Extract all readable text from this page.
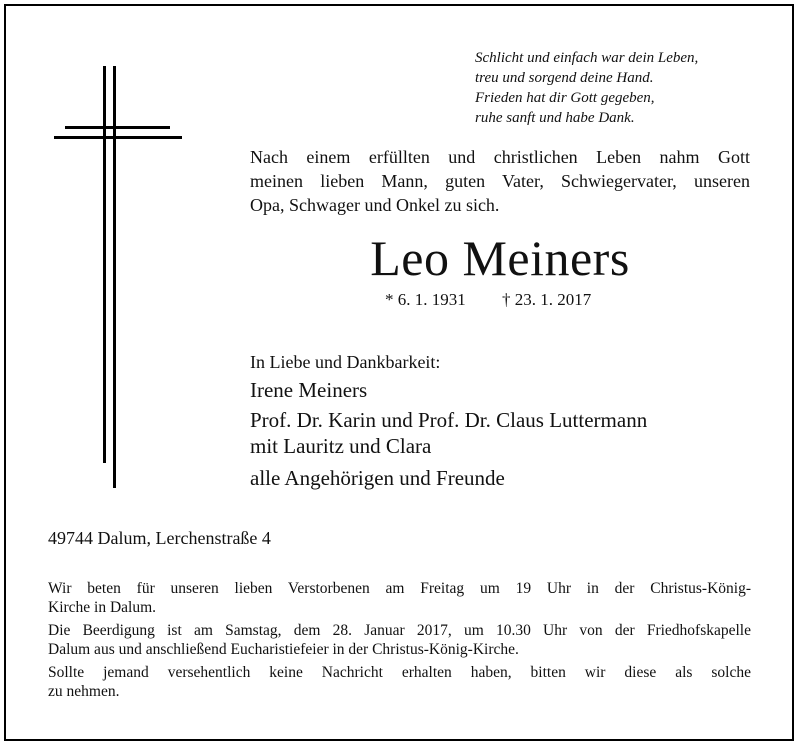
Schlicht und einfach war dein Leben,
treu und sorgend deine Hand.
Frieden hat dir Gott gegeben,
ruhe sanft und habe Dank.
Nach einem erfüllten und christlichen Leben nahm Gott
meinen lieben Mann, guten Vater, Schwiegervater, unseren
Opa, Schwager und Onkel zu sich.
Leo Meiners
* 6. 1. 1931 † 23. 1. 2017
In Liebe und Dankbarkeit:
Irene Meiners
Prof. Dr. Karin und Prof. Dr. Claus Luttermann
mit Lauritz und Clara
alle Angehörigen und Freunde
49744 Dalum, Lerchenstraße 4

Wir beten für unseren lieben Verstorbenen am Freitag um 19 Uhr in der Christus-König-
Kirche in Dalum.

Die Beerdigung ist am Samstag, dem 28. Januar 2017, um 10.30 Uhr von der Friedhofskapelle
Dalum aus und anschließend Eucharistiefeier in der Christus-König-Kirche.

Sollte jemand versehentlich keine Nachricht erhalten haben, bitten wir diese als solche
zu nehmen.
